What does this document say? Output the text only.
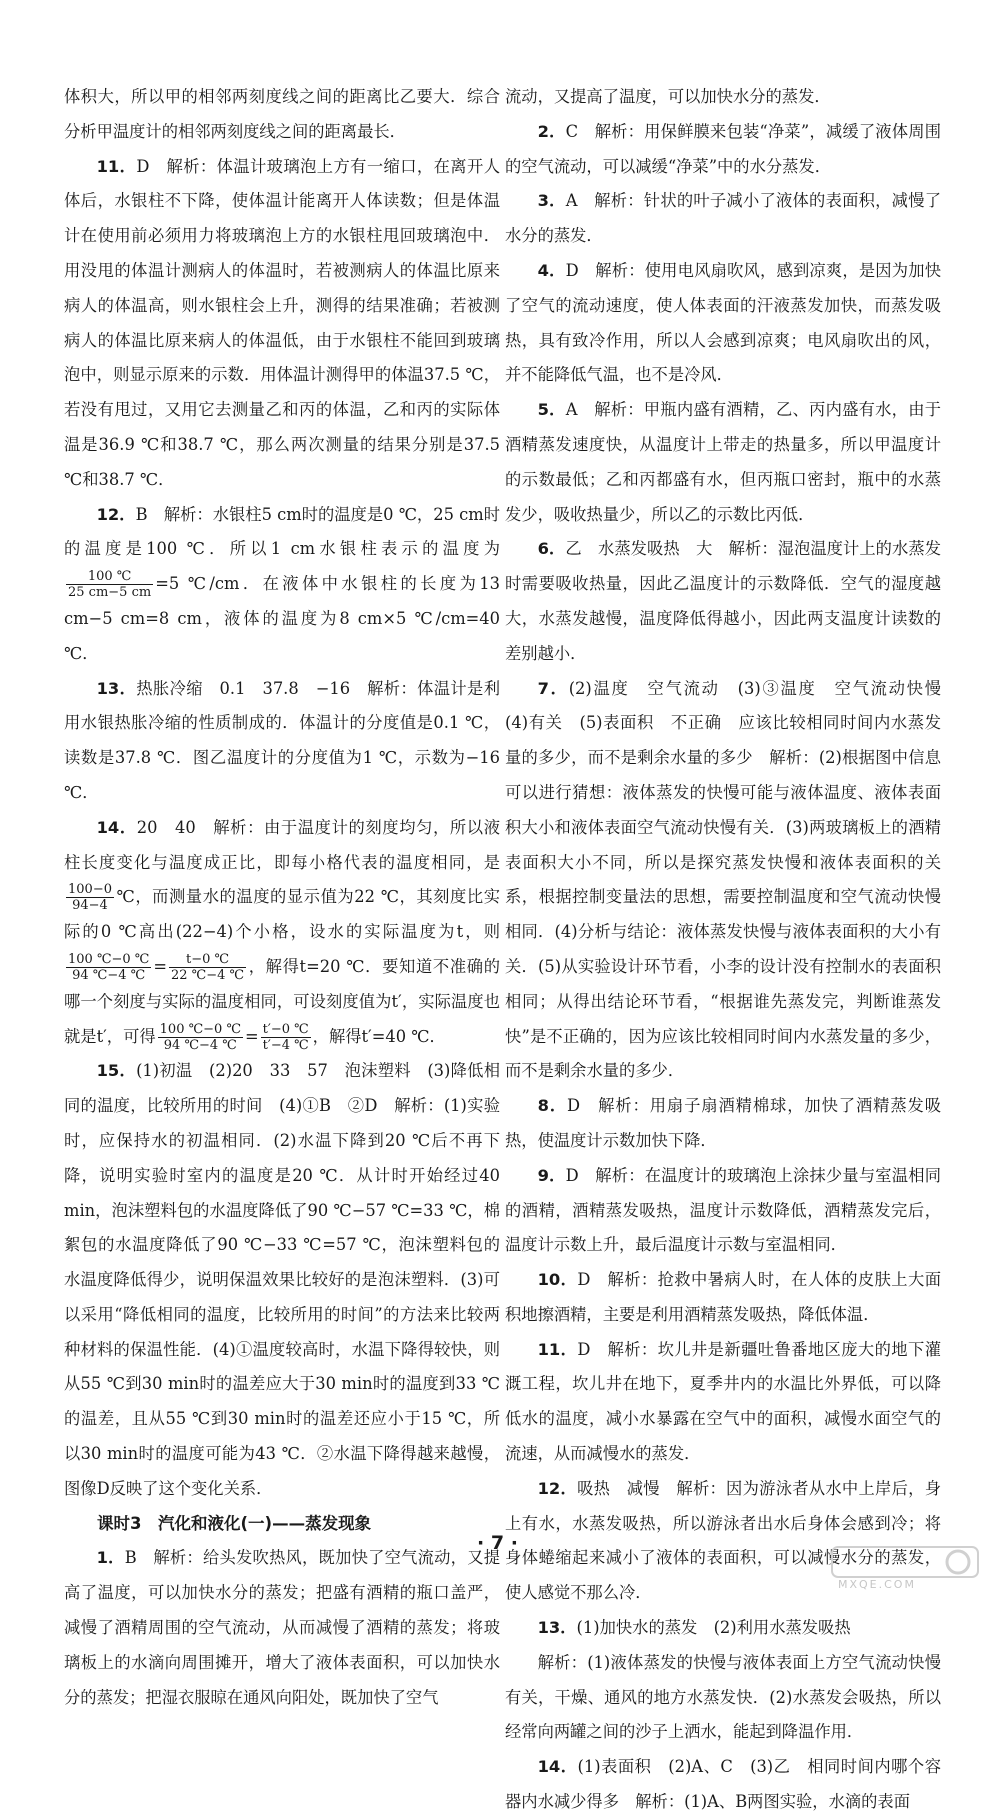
体积大，所以甲的相邻两刻度线之间的距离比乙要大．综合分析甲温度计的相邻两刻度线之间的距离最长．

11．D　解析：体温计玻璃泡上方有一缩口，在离开人体后，水银柱不下降，使体温计能离开人体读数；但是体温计在使用前必须用力将玻璃泡上方的水银柱甩回玻璃泡中．用没甩的体温计测病人的体温时，若被测病人的体温比原来病人的体温高，则水银柱会上升，测得的结果准确；若被测病人的体温比原来病人的体温低，由于水银柱不能回到玻璃泡中，则显示原来的示数．用体温计测得甲的体温37.5 ℃，若没有甩过，又用它去测量乙和丙的体温，乙和丙的实际体温是36.9 ℃和38.7 ℃，那么两次测量的结果分别是37.5 ℃和38.7 ℃．

12．B　解析：水银柱5 cm时的温度是0 ℃，25 cm时的温度是100 ℃．所以1 cm水银柱表示的温度为
$\frac{100 ℃}{25 cm-5 cm} =5$ ℃/cm．在液体中水银柱的长度为13 cm−5 cm=8 cm，液体的温度为8 cm×5 ℃/cm=40 ℃．

13．热胀冷缩　0.1　37.8　−16　解析：体温计是利用水银热胀冷缩的性质制成的．体温计的分度值是0.1 ℃，读数是37.8 ℃．图乙温度计的分度值为1 ℃，示数为−16 ℃．

14．20　40　解析：由于温度计的刻度均匀，所以液柱长度变化与温度成正比，即每小格代表的温度相同，是
$\frac{100-0}{94-4}$ ℃，而测量水的温度的显示值为22 ℃，其刻度比实际的0 ℃高出(22−4)个小格，设水的实际温度为t，则
$\frac{100 ℃-0 ℃}{94 ℃-4 ℃} = \frac{t-0 ℃}{22 ℃-4 ℃}$ ，解得t=20 ℃．要知道不准确的哪一个刻度与实际的温度相同，可设刻度值为t′，实际温度也就是t′，可得 $\frac{100 ℃-0 ℃}{94 ℃-4 ℃} = \frac{t'-0 ℃}{t'-4 ℃}$ ，解得t′=40 ℃．

15．(1)初温　(2)20　33　57　泡沫塑料　(3)降低相同的温度，比较所用的时间　(4)①B　②D　解析：(1)实验时，应保持水的初温相同．(2)水温下降到20 ℃后不再下降，说明实验时室内的温度是20 ℃．从计时开始经过40 min，泡沫塑料包的水温度降低了90 ℃−57 ℃=33 ℃，棉絮包的水温度降低了90 ℃−33 ℃=57 ℃，泡沫塑料包的水温度降低得少，说明保温效果比较好的是泡沫塑料．(3)可以采用“降低相同的温度，比较所用的时间”的方法来比较两种材料的保温性能．(4)①温度较高时，水温下降得较快，则从55 ℃到30 min时的温差应大于30 min时的温度到33 ℃的温差，且从55 ℃到30 min时的温差还应小于15 ℃，所以30 min时的温度可能为43 ℃．②水温下降得越来越慢，图像D反映了这个变化关系．

课时3　汽化和液化(一)——蒸发现象

1．B　解析：给头发吹热风，既加快了空气流动，又提高了温度，可以加快水分的蒸发；把盛有酒精的瓶口盖严，减慢了酒精周围的空气流动，从而减慢了酒精的蒸发；将玻璃板上的水滴向周围摊开，增大了液体表面积，可以加快水分的蒸发；把湿衣服晾在通风向阳处，既加快了空气

流动，又提高了温度，可以加快水分的蒸发．

2．C　解析：用保鲜膜来包装“净菜”，减缓了液体周围的空气流动，可以减缓“净菜”中的水分蒸发．

3．A　解析：针状的叶子减小了液体的表面积，减慢了水分的蒸发．

4．D　解析：使用电风扇吹风，感到凉爽，是因为加快了空气的流动速度，使人体表面的汗液蒸发加快，而蒸发吸热，具有致冷作用，所以人会感到凉爽；电风扇吹出的风，并不能降低气温，也不是冷风．

5．A　解析：甲瓶内盛有酒精，乙、丙内盛有水，由于酒精蒸发速度快，从温度计上带走的热量多，所以甲温度计的示数最低；乙和丙都盛有水，但丙瓶口密封，瓶中的水蒸发少，吸收热量少，所以乙的示数比丙低．

6．乙　水蒸发吸热　大　解析：湿泡温度计上的水蒸发时需要吸收热量，因此乙温度计的示数降低．空气的湿度越大，水蒸发越慢，温度降低得越小，因此两支温度计读数的差别越小．

7．(2)温度　空气流动　(3)③温度　空气流动快慢　(4)有关　(5)表面积　不正确　应该比较相同时间内水蒸发量的多少，而不是剩余水量的多少　解析：(2)根据图中信息可以进行猜想：液体蒸发的快慢可能与液体温度、液体表面积大小和液体表面空气流动快慢有关．(3)两玻璃板上的酒精表面积大小不同，所以是探究蒸发快慢和液体表面积的关系，根据控制变量法的思想，需要控制温度和空气流动快慢相同．(4)分析与结论：液体蒸发快慢与液体表面积的大小有关．(5)从实验设计环节看，小李的设计没有控制水的表面积相同；从得出结论环节看，“根据谁先蒸发完，判断谁蒸发快”是不正确的，因为应该比较相同时间内水蒸发量的多少，而不是剩余水量的多少．

8．D　解析：用扇子扇酒精棉球，加快了酒精蒸发吸热，使温度计示数加快下降．

9．D　解析：在温度计的玻璃泡上涂抹少量与室温相同的酒精，酒精蒸发吸热，温度计示数降低，酒精蒸发完后，温度计示数上升，最后温度计示数与室温相同．

10．D　解析：抢救中暑病人时，在人体的皮肤上大面积地擦酒精，主要是利用酒精蒸发吸热，降低体温．

11．D　解析：坎儿井是新疆吐鲁番地区庞大的地下灌溉工程，坎儿井在地下，夏季井内的水温比外界低，可以降低水的温度，减小水暴露在空气中的面积，减慢水面空气的流速，从而减慢水的蒸发．

12．吸热　减慢　解析：因为游泳者从水中上岸后，身上有水，水蒸发吸热，所以游泳者出水后身体会感到冷；将身体蜷缩起来减小了液体的表面积，可以减慢水分的蒸发，使人感觉不那么冷．

13．(1)加快水的蒸发　(2)利用水蒸发吸热

解析：(1)液体蒸发的快慢与液体表面上方空气流动快慢有关，干燥、通风的地方水蒸发快．(2)水蒸发会吸热，所以经常向两罐之间的沙子上洒水，能起到降温作用．

14．(1)表面积　(2)A、C　(3)乙　相同时间内哪个容器内水减少得多　解析：(1)A、B两图实验，水滴的表面

· 7 ·
MXQE.COM
